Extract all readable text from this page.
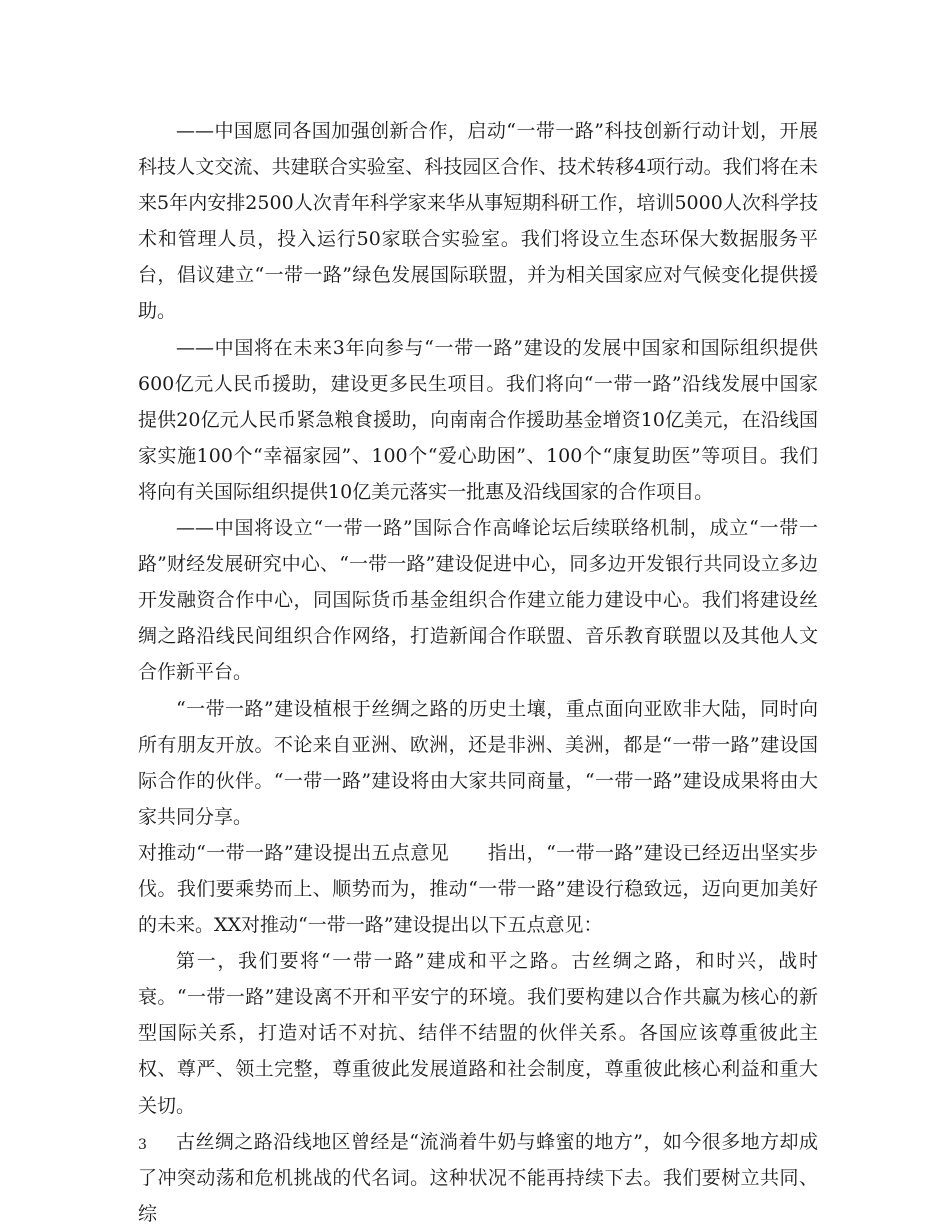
——中国愿同各国加强创新合作，启动“一带一路”科技创新行动计划，开展科技人文交流、共建联合实验室、科技园区合作、技术转移4项行动。我们将在未来5年内安排2500人次青年科学家来华从事短期科研工作，培训5000人次科学技术和管理人员，投入运行50家联合实验室。我们将设立生态环保大数据服务平台，倡议建立“一带一路”绿色发展国际联盟，并为相关国家应对气候变化提供援助。

——中国将在未来3年向参与“一带一路”建设的发展中国家和国际组织提供600亿元人民币援助，建设更多民生项目。我们将向“一带一路”沿线发展中国家提供20亿元人民币紧急粮食援助，向南南合作援助基金增资10亿美元，在沿线国家实施100个“幸福家园”、100个“爱心助困”、100个“康复助医”等项目。我们将向有关国际组织提供10亿美元落实一批惠及沿线国家的合作项目。

——中国将设立“一带一路”国际合作高峰论坛后续联络机制，成立“一带一路”财经发展研究中心、“一带一路”建设促进中心，同多边开发银行共同设立多边开发融资合作中心，同国际货币基金组织合作建立能力建设中心。我们将建设丝绸之路沿线民间组织合作网络，打造新闻合作联盟、音乐教育联盟以及其他人文合作新平台。

“一带一路”建设植根于丝绸之路的历史土壤，重点面向亚欧非大陆，同时向所有朋友开放。不论来自亚洲、欧洲，还是非洲、美洲，都是“一带一路”建设国际合作的伙伴。“一带一路”建设将由大家共同商量，“一带一路”建设成果将由大家共同分享。

对推动“一带一路”建设提出五点意见　　指出，“一带一路”建设已经迈出坚实步伐。我们要乘势而上、顺势而为，推动“一带一路”建设行稳致远，迈向更加美好的未来。XX对推动“一带一路”建设提出以下五点意见：

第一，我们要将“一带一路”建成和平之路。古丝绸之路，和时兴，战时衰。“一带一路”建设离不开和平安宁的环境。我们要构建以合作共赢为核心的新型国际关系，打造对话不对抗、结伴不结盟的伙伴关系。各国应该尊重彼此主权、尊严、领土完整，尊重彼此发展道路和社会制度，尊重彼此核心利益和重大关切。

古丝绸之路沿线地区曾经是“流淌着牛奶与蜂蜜的地方”，如今很多地方却成了冲突动荡和危机挑战的代名词。这种状况不能再持续下去。我们要树立共同、综

3
